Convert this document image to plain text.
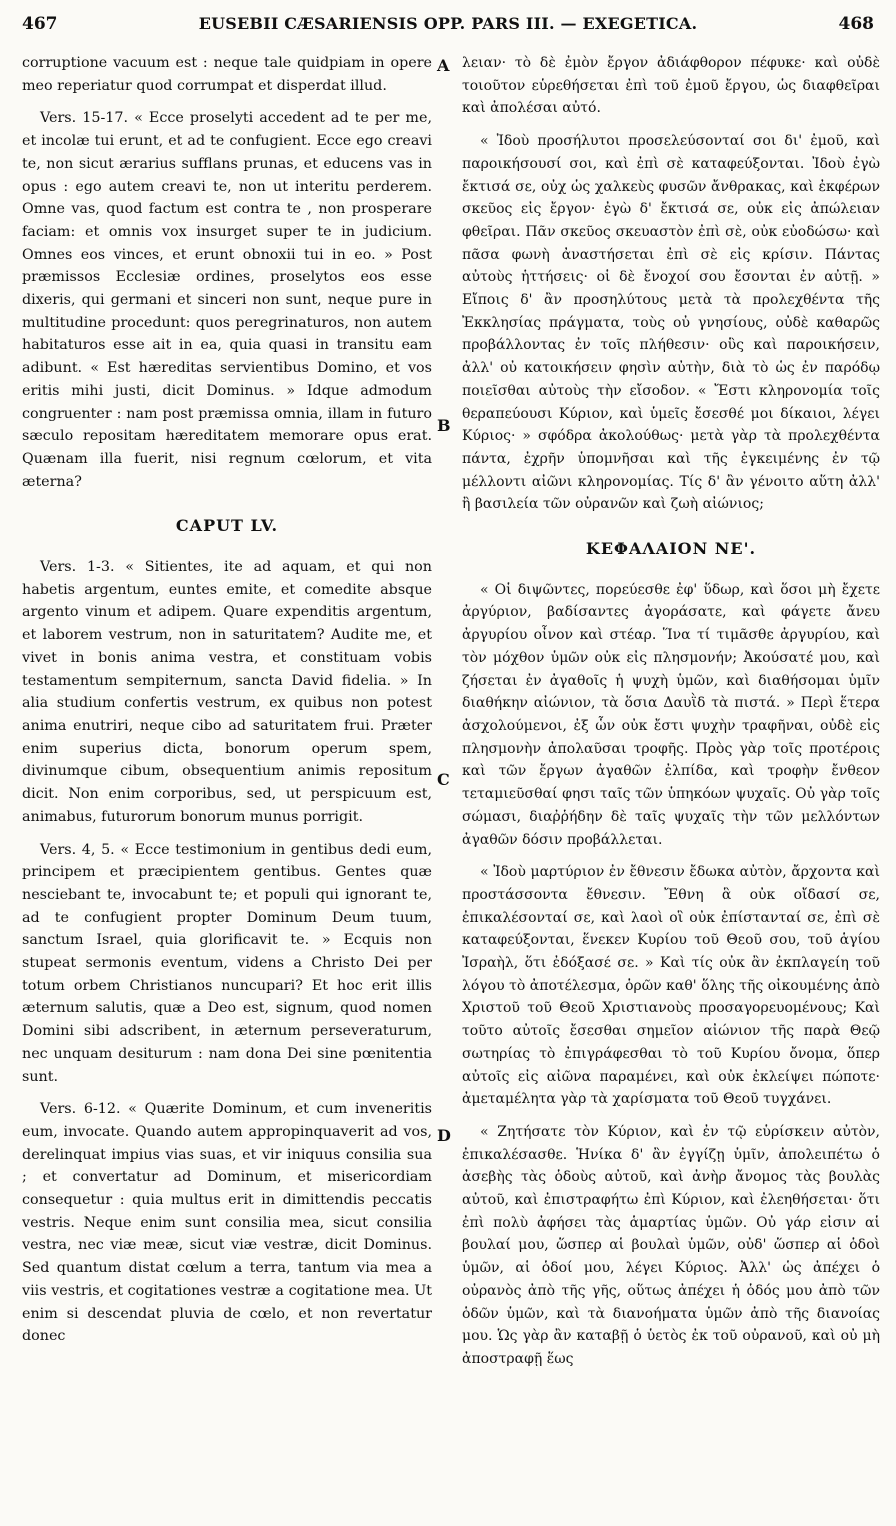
467	EUSEBII CÆSARIENSIS OPP. PARS III. — EXEGETICA.	468
A
B
C
D

corruptione vacuum est : neque tale quidpiam in opere meo reperiatur quod corrumpat et disperdat illud.

Vers. 15-17. « Ecce proselyti accedent ad te per me, et incolæ tui erunt, et ad te confugient. Ecce ego creavi te, non sicut ærarius sufflans prunas, et educens vas in opus : ego autem creavi te, non ut interitu perderem. Omne vas, quod factum est contra te , non prosperare faciam: et omnis vox insurget super te in judicium. Omnes eos vinces, et erunt obnoxii tui in eo. » Post præmissos Ecclesiæ ordines, proselytos eos esse dixeris, qui germani et sinceri non sunt, neque pure in multitudine procedunt: quos peregrinaturos, non autem habitaturos esse ait in ea, quia quasi in transitu eam adibunt. « Est hæreditas servientibus Domino, et vos eritis mihi justi, dicit Dominus. » Idque admodum congruenter : nam post præmissa omnia, illam in futuro sæculo repositam hæreditatem memorare opus erat. Quænam illa fuerit, nisi regnum cœlorum, et vita æterna?

CAPUT LV.

Vers. 1-3. « Sitientes, ite ad aquam, et qui non habetis argentum, euntes emite, et comedite absque argento vinum et adipem. Quare expenditis argentum, et laborem vestrum, non in saturitatem? Audite me, et vivet in bonis anima vestra, et constituam vobis testamentum sempiternum, sancta David fidelia. » In alia studium confertis vestrum, ex quibus non potest anima enutriri, neque cibo ad saturitatem frui. Præter enim superius dicta, bonorum operum spem, divinumque cibum, obsequentium animis repositum dicit. Non enim corporibus, sed, ut perspicuum est, animabus, futurorum bonorum munus porrigit.

Vers. 4, 5. « Ecce testimonium in gentibus dedi eum, principem et præcipientem gentibus. Gentes quæ nesciebant te, invocabunt te; et populi qui ignorant te, ad te confugient propter Dominum Deum tuum, sanctum Israel, quia glorificavit te. » Ecquis non stupeat sermonis eventum, videns a Christo Dei per totum orbem Christianos nuncupari? Et hoc erit illis æternum salutis, quæ a Deo est, signum, quod nomen Domini sibi adscribent, in æternum perseveraturum, nec unquam desiturum : nam dona Dei sine pœnitentia sunt.

Vers. 6-12. « Quærite Dominum, et cum inveneritis eum, invocate. Quando autem appropinquaverit ad vos, derelinquat impius vias suas, et vir iniquus consilia sua ; et convertatur ad Dominum, et misericordiam consequetur : quia multus erit in dimittendis peccatis vestris. Neque enim sunt consilia mea, sicut consilia vestra, nec viæ meæ, sicut viæ vestræ, dicit Dominus. Sed quantum distat cœlum a terra, tantum via mea a viis vestris, et cogitationes vestræ a cogitatione mea. Ut enim si descendat pluvia de cœlo, et non revertatur donec

λειαν· τὸ δὲ ἐμὸν ἔργον ἀδιάφθορον πέφυκε· καὶ οὐδὲ τοιοῦτον εὑρεθήσεται ἐπὶ τοῦ ἐμοῦ ἔργου, ὡς διαφθεῖραι καὶ ἀπολέσαι αὐτό.

« Ἰδοὺ προσήλυτοι προσελεύσονταί σοι δι' ἐμοῦ, καὶ παροικήσουσί σοι, καὶ ἐπὶ σὲ καταφεύξονται. Ἰδοὺ ἐγὼ ἔκτισά σε, οὐχ ὡς χαλκεὺς φυσῶν ἄνθρακας, καὶ ἐκφέρων σκεῦος εἰς ἔργον· ἐγὼ δ' ἔκτισά σε, οὐκ εἰς ἀπώλειαν φθεῖραι. Πᾶν σκεῦος σκευαστὸν ἐπὶ σὲ, οὐκ εὐοδώσω· καὶ πᾶσα φωνὴ ἀναστήσεται ἐπὶ σὲ εἰς κρίσιν. Πάντας αὐτοὺς ἡττήσεις· οἱ δὲ ἔνοχοί σου ἔσονται ἐν αὐτῇ. » Εἴποις δ' ἂν προσηλύτους μετὰ τὰ προλεχθέντα τῆς Ἐκκλησίας πράγματα, τοὺς οὐ γνησίους, οὐδὲ καθαρῶς προβάλλοντας ἐν τοῖς πλήθεσιν· οὓς καὶ παροικήσειν, ἀλλ' οὐ κατοικήσειν φησὶν αὐτὴν, διὰ τὸ ὡς ἐν παρόδῳ ποιεῖσθαι αὐτοὺς τὴν εἴσοδον. « Ἔστι κληρονομία τοῖς θεραπεύουσι Κύριον, καὶ ὑμεῖς ἔσεσθέ μοι δίκαιοι, λέγει Κύριος· » σφόδρα ἀκολούθως· μετὰ γὰρ τὰ προλεχθέντα πάντα, ἐχρῆν ὑπομνῆσαι καὶ τῆς ἐγκειμένης ἐν τῷ μέλλοντι αἰῶνι κληρονομίας. Τίς δ' ἂν γένοιτο αὕτη ἀλλ' ἢ βασιλεία τῶν οὐρανῶν καὶ ζωὴ αἰώνιος;

ΚΕΦΑΛΑΙΟΝ ΝΕ'.

« Οἱ διψῶντες, πορεύεσθε ἐφ' ὕδωρ, καὶ ὅσοι μὴ ἔχετε ἀργύριον, βαδίσαντες ἀγοράσατε, καὶ φάγετε ἄνευ ἀργυρίου οἶνον καὶ στέαρ. Ἵνα τί τιμᾶσθε ἀργυρίου, καὶ τὸν μόχθον ὑμῶν οὐκ εἰς πλησμονήν; Ἀκούσατέ μου, καὶ ζήσεται ἐν ἀγαθοῖς ἡ ψυχὴ ὑμῶν, καὶ διαθήσομαι ὑμῖν διαθήκην αἰώνιον, τὰ ὅσια Δαυῒδ τὰ πιστά. » Περὶ ἕτερα ἀσχολούμενοι, ἐξ ὧν οὐκ ἔστι ψυχὴν τραφῆναι, οὐδὲ εἰς πλησμονὴν ἀπολαῦσαι τροφῆς. Πρὸς γὰρ τοῖς προτέροις καὶ τῶν ἔργων ἀγαθῶν ἐλπίδα, καὶ τροφὴν ἔνθεον τεταμιεῦσθαί φησι ταῖς τῶν ὑπηκόων ψυχαῖς. Οὐ γὰρ τοῖς σώμασι, διαῤῥήδην δὲ ταῖς ψυχαῖς τὴν τῶν μελλόντων ἀγαθῶν δόσιν προβάλλεται.

« Ἰδοὺ μαρτύριον ἐν ἔθνεσιν ἔδωκα αὐτὸν, ἄρχοντα καὶ προστάσσοντα ἔθνεσιν. Ἔθνη ἃ οὐκ οἴδασί σε, ἐπικαλέσονταί σε, καὶ λαοὶ οἳ οὐκ ἐπίστανταί σε, ἐπὶ σὲ καταφεύξονται, ἕνεκεν Κυρίου τοῦ Θεοῦ σου, τοῦ ἁγίου Ἰσραὴλ, ὅτι ἐδόξασέ σε. » Καὶ τίς οὐκ ἂν ἐκπλαγείη τοῦ λόγου τὸ ἀποτέλεσμα, ὁρῶν καθ' ὅλης τῆς οἰκουμένης ἀπὸ Χριστοῦ τοῦ Θεοῦ Χριστιανοὺς προσαγορευομένους; Καὶ τοῦτο αὐτοῖς ἔσεσθαι σημεῖον αἰώνιον τῆς παρὰ Θεῷ σωτηρίας τὸ ἐπιγράφεσθαι τὸ τοῦ Κυρίου ὄνομα, ὅπερ αὐτοῖς εἰς αἰῶνα παραμένει, καὶ οὐκ ἐκλείψει πώποτε· ἀμεταμέλητα γὰρ τὰ χαρίσματα τοῦ Θεοῦ τυγχάνει.

« Ζητήσατε τὸν Κύριον, καὶ ἐν τῷ εὑρίσκειν αὐτὸν, ἐπικαλέσασθε. Ἡνίκα δ' ἂν ἐγγίζῃ ὑμῖν, ἀπολειπέτω ὁ ἀσεβὴς τὰς ὁδοὺς αὐτοῦ, καὶ ἀνὴρ ἄνομος τὰς βουλὰς αὐτοῦ, καὶ ἐπιστραφήτω ἐπὶ Κύριον, καὶ ἐλεηθήσεται· ὅτι ἐπὶ πολὺ ἀφήσει τὰς ἁμαρτίας ὑμῶν. Οὐ γάρ εἰσιν αἱ βουλαί μου, ὥσπερ αἱ βουλαὶ ὑμῶν, οὐδ' ὥσπερ αἱ ὁδοὶ ὑμῶν, αἱ ὁδοί μου, λέγει Κύριος. Ἀλλ' ὡς ἀπέχει ὁ οὐρανὸς ἀπὸ τῆς γῆς, οὕτως ἀπέχει ἡ ὁδός μου ἀπὸ τῶν ὁδῶν ὑμῶν, καὶ τὰ διανοήματα ὑμῶν ἀπὸ τῆς διανοίας μου. Ὡς γὰρ ἂν καταβῇ ὁ ὑετὸς ἐκ τοῦ οὐρανοῦ, καὶ οὐ μὴ ἀποστραφῇ ἕως
